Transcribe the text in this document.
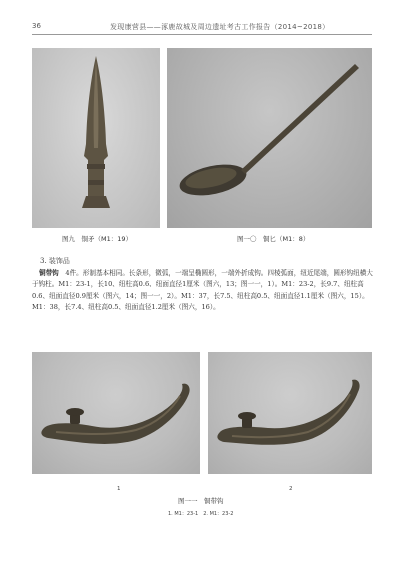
36	发现康营县——涿鹿故城及周边遗址考古工作报告（2014~2018）
图九　铜矛（M1：19）	图一〇　铜匕（M1：8）
3. 装饰品

铜带钩　 4件。形制基本相同。长条形，微弧，一端呈椭圆形，一端外折成钩。四棱弧面，纽近尾端，圆形钩纽横大于钩柱。M1：23-1，长10、纽柱高0.6、纽面直径1厘米（图六，13；图一一，1）。M1：23-2，长9.7、纽柱高0.6、纽面直径0.9厘米（图六，14；图一一，2）。M1：37，长7.5、纽柱高0.5、纽面直径1.1厘米（图六，15）。M1：38，长7.4、纽柱高0.5、纽面直径1.2厘米（图六，16）。

1	2
图一一　铜带钩
1. M1：23-1　2. M1：23-2
